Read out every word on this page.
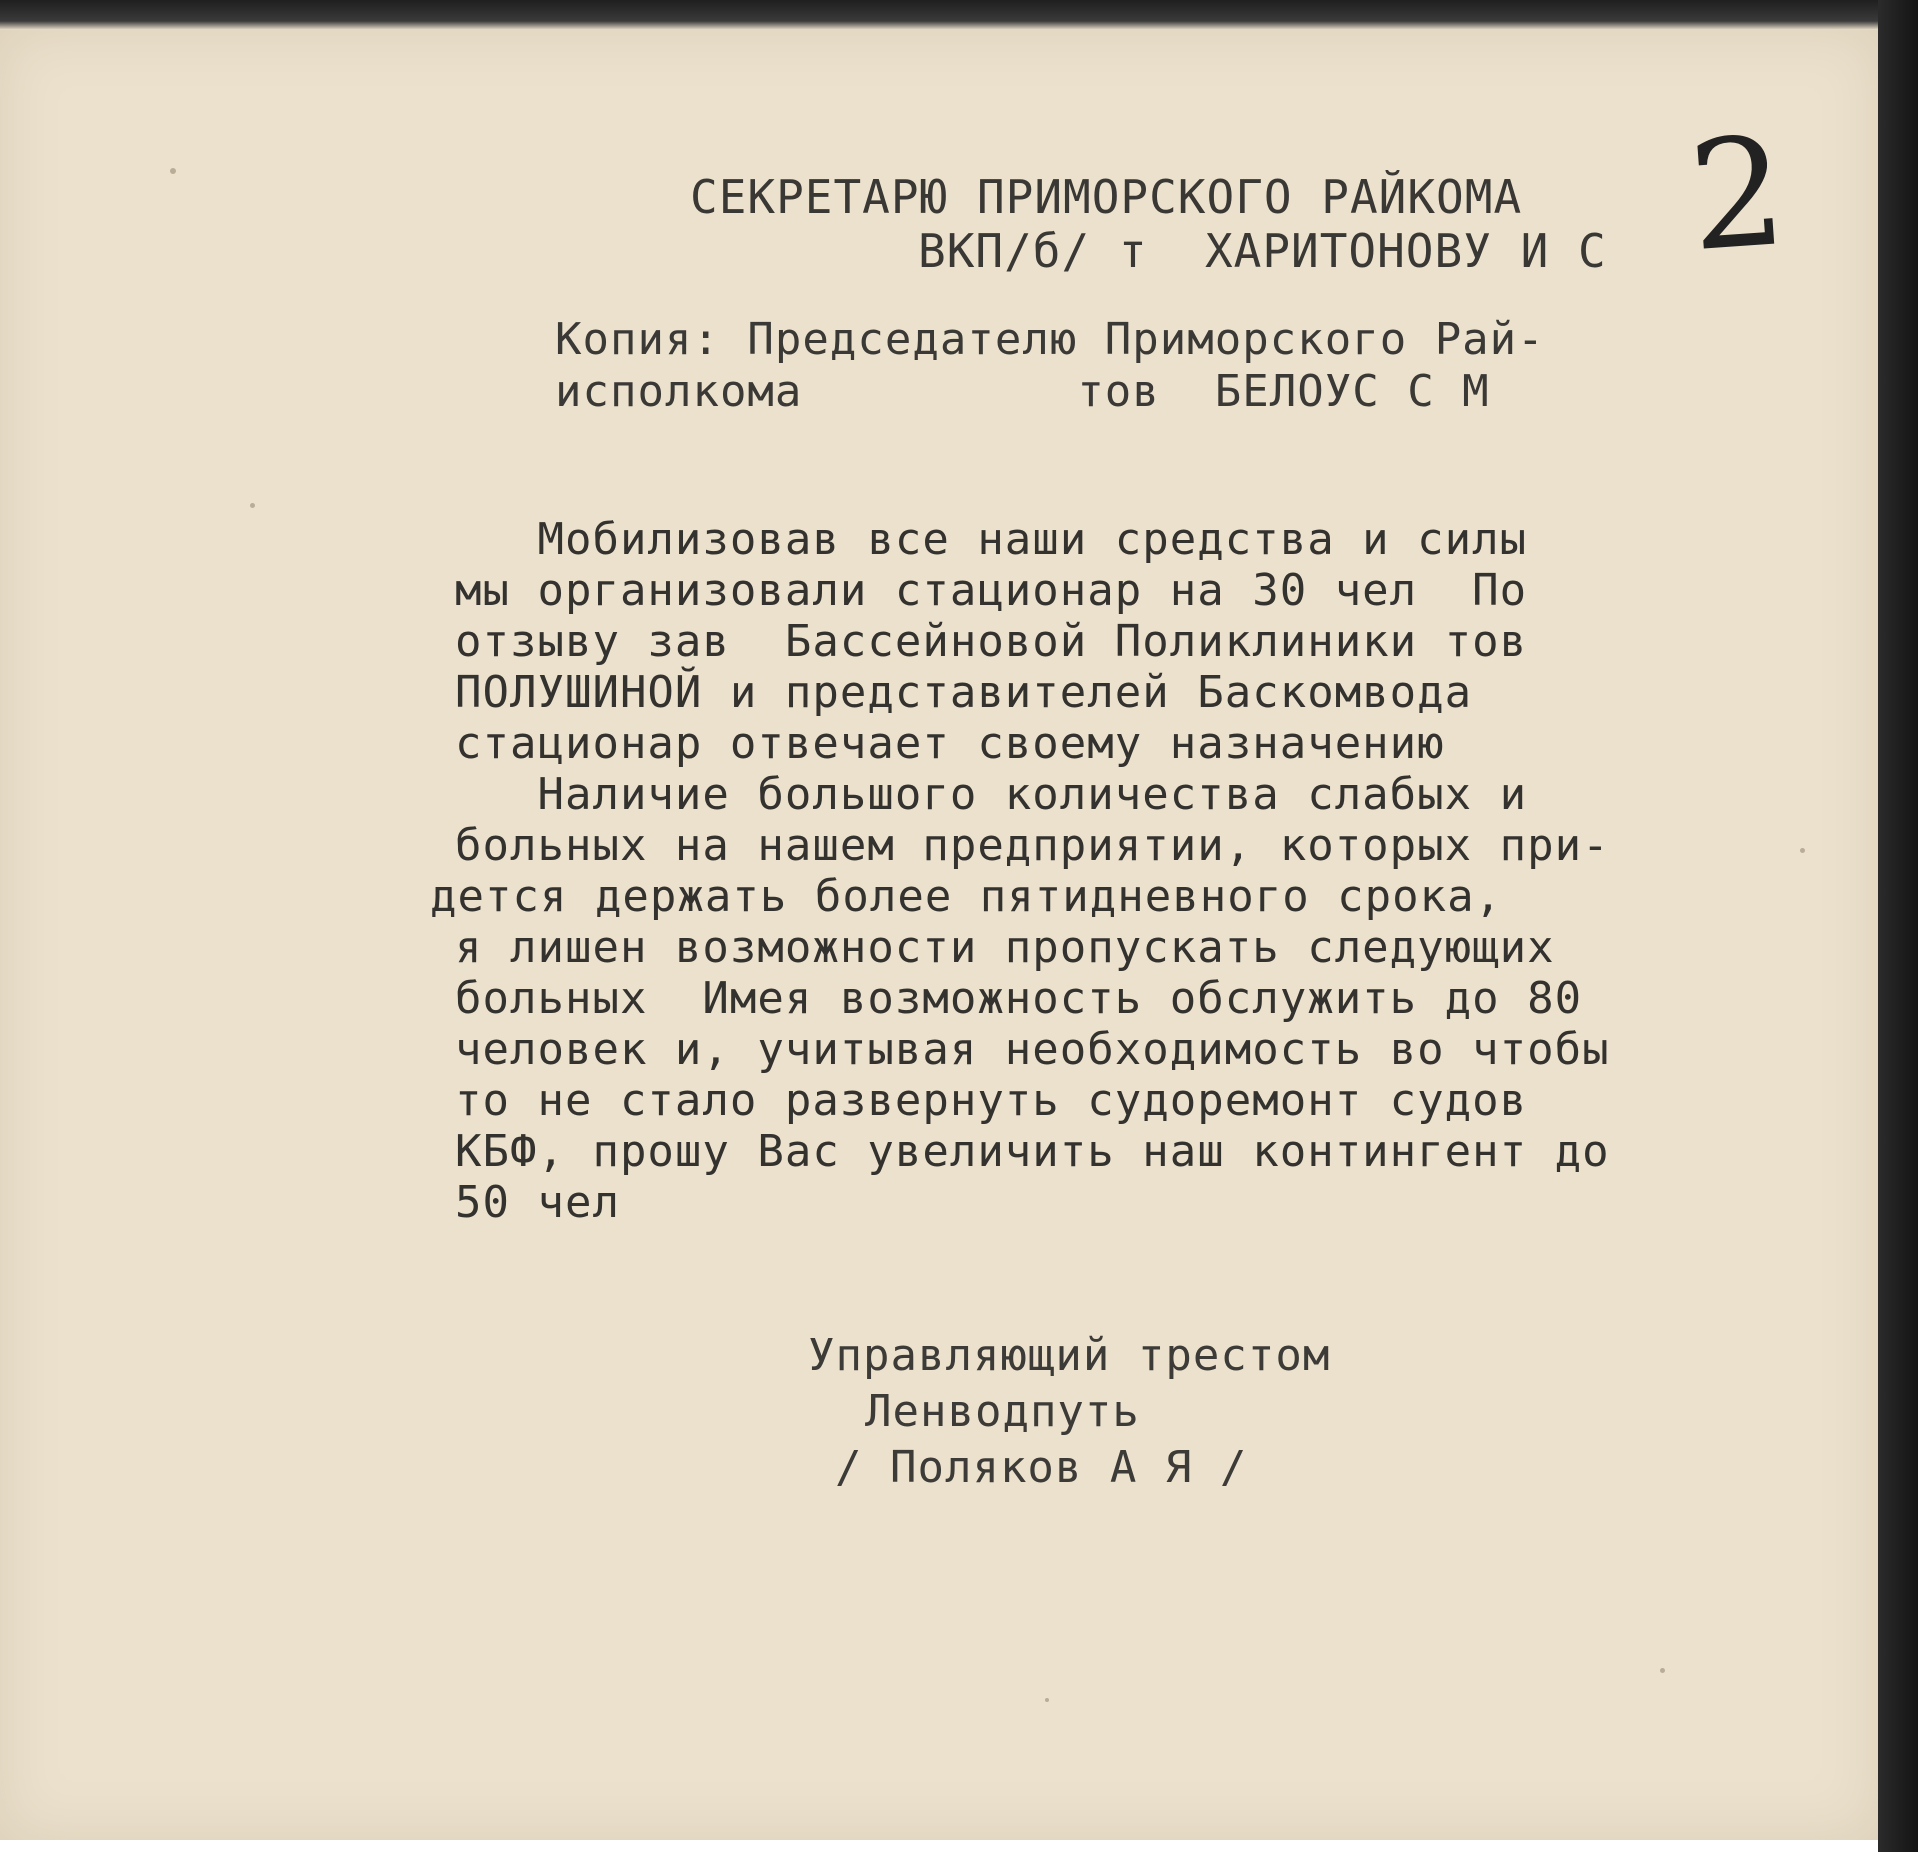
СЕКРЕТАРЮ ПРИМОРСКОГО РАЙКОМА
ВКП/б/ т  ХАРИТОНОВУ И С
Копия: Председателю Приморского Рай-
исполкома          тов  БЕЛОУС С М
Мобилизовав все наши средства и силы
мы организовали стационар на 30 чел  По
отзыву зав  Бассейновой Поликлиники тов
ПОЛУШИНОЙ и представителей Баскомвода
стационар отвечает своему назначению
Наличие большого количества слабых и
больных на нашем предприятии, которых при-
дется держать более пятидневного срока,
я лишен возможности пропускать следующих
больных  Имея возможность обслужить до 80
человек и, учитывая необходимость во чтобы
то не стало развернуть судоремонт судов
КБФ, прошу Вас увеличить наш контингент до
50 чел
Управляющий трестом
Ленводпуть
/ Поляков А Я /
2
